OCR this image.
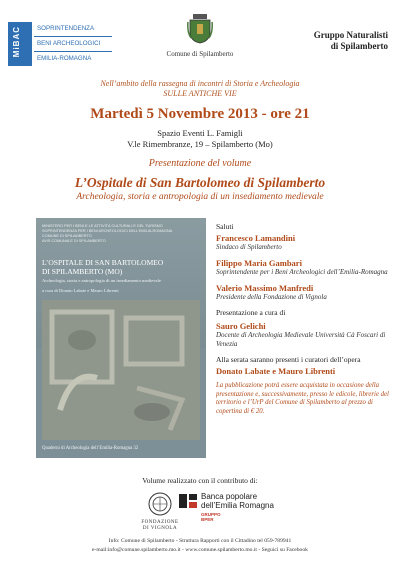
MiBAC	SOPRINTENDENZA
BENI ARCHEOLOGICI
EMILIA-ROMAGNA
Comune di Spilamberto
Gruppo Naturalisti
di Spilamberto
Nell’ambito della rassegna di incontri di Storia e Archeologia
SULLE ANTICHE VIE
Martedì 5 Novembre 2013 - ore 21
Spazio Eventi L. Famigli
V.le Rimembranze, 19 – Spilamberto (Mo)
Presentazione del volume
L’Ospitale di San Bartolomeo di Spilamberto
Archeologia, storia e antropologia di un insediamento medievale
MINISTERO PER I BENI E LE ATTIVITÀ CULTURALI E DEL TURISMO
SOPRINTENDENZA PER I BENI ARCHEOLOGICI DELL’EMILIA-ROMAGNA
COMUNE DI SPILAMBERTO
AVIS COMUNALE DI SPILAMBERTO
L’OSPITALE DI SAN BARTOLOMEO
DI SPILAMBERTO (MO)
Archeologia, storia e antropologia di un insediamento medievale
a cura di Donato Labate e Mauro Librenti
Quaderni di Archeologia dell’Emilia-Romagna 32
Saluti
Francesco Lamandini
Sindaco di Spilamberto
Filippo Maria Gambari
Soprintendente per i Beni Archeologici dell’Emilia-Romagna
Valerio Massimo Manfredi
Presidente della Fondazione di Vignola
Presentazione a cura di
Sauro Gelichi
Docente di Archeologia Medievale Università Cà Foscari di Venezia
Alla serata saranno presenti i curatori dell’opera
Donato Labate e Mauro Librenti
La pubblicazione potrà essere acquistata in occasione della presentazione e, successivamente, presso le edicole, librerie del territorio e l’UrP del Comune di Spilamberto al prezzo di copertina di € 20.
Volume realizzato con il contributo di:
FONDAZIONE
DI VIGNOLA
Banca popolare
dell’Emilia Romagna
GRUPPO BPER
Info: Comune di Spilamberto - Struttura Rapporti con il Cittadino tel 059-789941
e-mail:info@comune.spilamberto.mo.it - www.comune.spilamberto.mo.it - Seguici su Facebook
